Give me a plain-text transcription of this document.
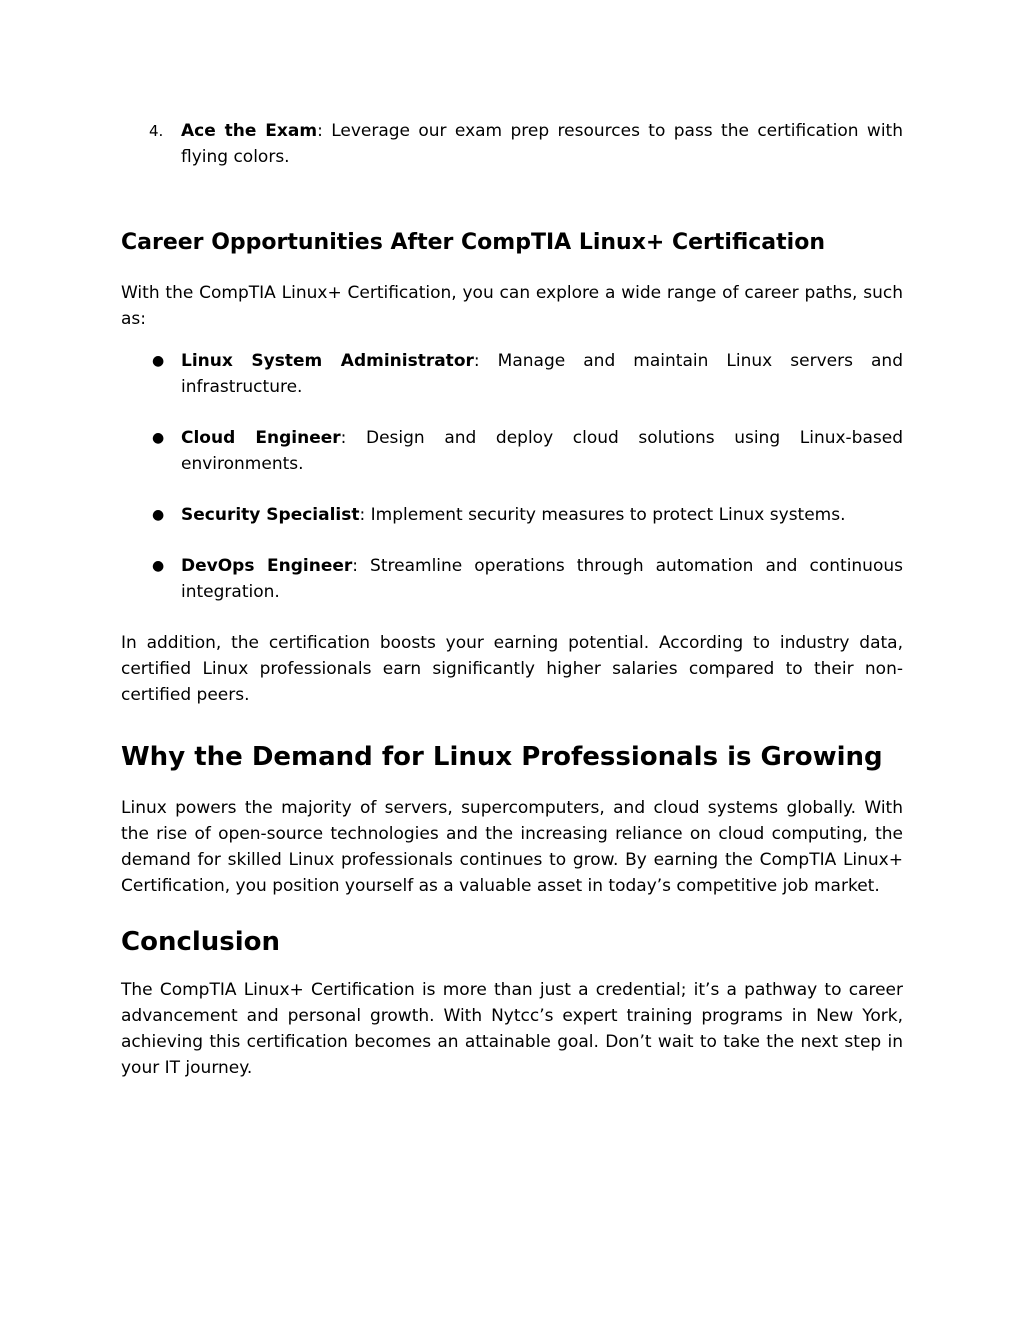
4. Ace the Exam: Leverage our exam prep resources to pass the certification with flying colors.

Career Opportunities After CompTIA Linux+ Certification

With the CompTIA Linux+ Certification, you can explore a wide range of career paths, such as:

● Linux System Administrator: Manage and maintain Linux servers and infrastructure.
● Cloud Engineer: Design and deploy cloud solutions using Linux-based environments.
● Security Specialist: Implement security measures to protect Linux systems.
● DevOps Engineer: Streamline operations through automation and continuous integration.

In addition, the certification boosts your earning potential. According to industry data, certified Linux professionals earn significantly higher salaries compared to their non-certified peers.

Why the Demand for Linux Professionals is Growing

Linux powers the majority of servers, supercomputers, and cloud systems globally. With the rise of open-source technologies and the increasing reliance on cloud computing, the demand for skilled Linux professionals continues to grow. By earning the CompTIA Linux+ Certification, you position yourself as a valuable asset in today’s competitive job market.

Conclusion

The CompTIA Linux+ Certification is more than just a credential; it’s a pathway to career advancement and personal growth. With Nytcc’s expert training programs in New York, achieving this certification becomes an attainable goal. Don’t wait to take the next step in your IT journey.
